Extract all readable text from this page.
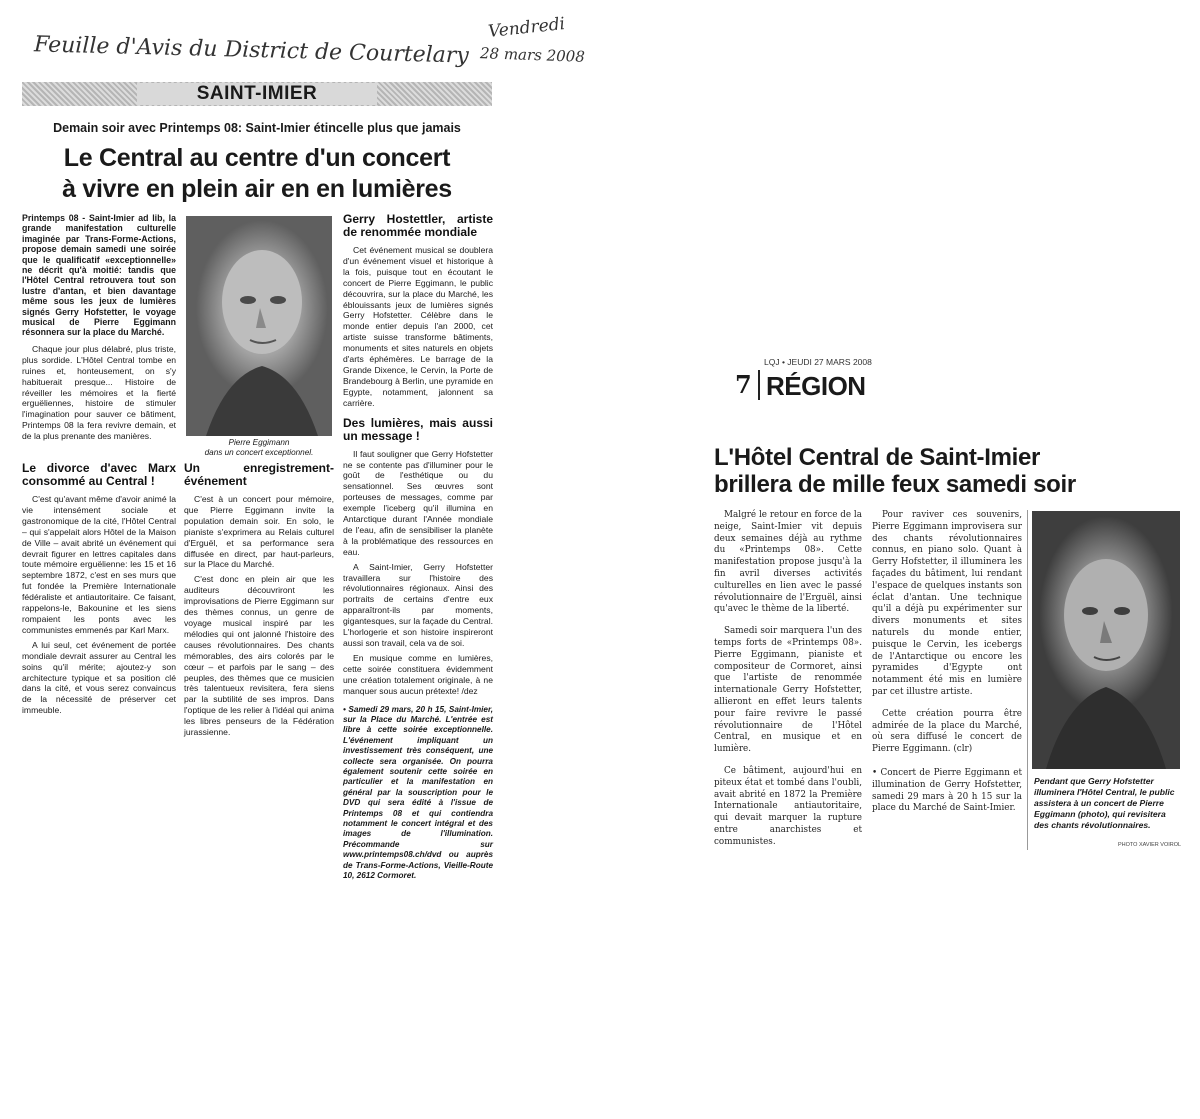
Feuille d'Avis du District de Courtelary
Vendredi
28 mars 2008
SAINT-IMIER
Demain soir avec Printemps 08: Saint-Imier étincelle plus que jamais
Le Central au centre d'un concert
à vivre en plein air en en lumières

Printemps 08 - Saint-Imier ad lib, la grande manifestation culturelle imaginée par Trans-Forme-Actions, propose demain samedi une soirée que le qualificatif «exceptionnelle» ne décrit qu'à moitié: tandis que l'Hôtel Central retrouvera tout son lustre d'antan, et bien davantage même sous les jeux de lumières signés Gerry Hofstetter, le voyage musical de Pierre Eggimann résonnera sur la place du Marché.

Chaque jour plus délabré, plus triste, plus sordide. L'Hôtel Central tombe en ruines et, honteusement, on s'y habituerait presque... Histoire de réveiller les mémoires et la fierté erguëliennes, histoire de stimuler l'imagination pour sauver ce bâtiment, Printemps 08 la fera revivre demain, et de la plus prenante des manières.

Pierre Eggimann
dans un concert exceptionnel.
Le divorce d'avec Marx consommé au Central !

C'est qu'avant même d'avoir animé la vie intensément sociale et gastronomique de la cité, l'Hôtel Central – qui s'appelait alors Hôtel de la Maison de Ville – avait abrité un événement qui devrait figurer en lettres capitales dans toute mémoire erguëlienne: les 15 et 16 septembre 1872, c'est en ses murs que fut fondée la Première Internationale fédéraliste et antiautoritaire. Ce faisant, rappelons-le, Bakounine et les siens rompaient les ponts avec les communistes emmenés par Karl Marx.

A lui seul, cet événement de portée mondiale devrait assurer au Central les soins qu'il mérite; ajoutez-y son architecture typique et sa position clé dans la cité, et vous serez convaincus de la nécessité de préserver cet immeuble.

Un enregistrement-événement

C'est à un concert pour mémoire, que Pierre Eggimann invite la population demain soir. En solo, le pianiste s'exprimera au Relais culturel d'Erguël, et sa performance sera diffusée en direct, par haut-parleurs, sur la Place du Marché.

C'est donc en plein air que les auditeurs découvriront les improvisations de Pierre Eggimann sur des thèmes connus, un genre de voyage musical inspiré par les mélodies qui ont jalonné l'histoire des causes révolutionnaires. Des chants mémorables, des airs colorés par le cœur – et parfois par le sang – des peuples, des thèmes que ce musicien très talentueux revisitera, fera siens par la subtilité de ses impros. Dans l'optique de les relier à l'idéal qui anima les libres penseurs de la Fédération jurassienne.

Gerry Hostettler, artiste de renommée mondiale

Cet événement musical se doublera d'un événement visuel et historique à la fois, puisque tout en écoutant le concert de Pierre Eggimann, le public découvrira, sur la place du Marché, les éblouissants jeux de lumières signés Gerry Hofstetter. Célèbre dans le monde entier depuis l'an 2000, cet artiste suisse transforme bâtiments, monuments et sites naturels en objets d'arts éphémères. Le barrage de la Grande Dixence, le Cervin, la Porte de Brandebourg à Berlin, une pyramide en Egypte, notamment, jalonnent sa carrière.

Des lumières, mais aussi un message !

Il faut souligner que Gerry Hofstetter ne se contente pas d'illuminer pour le goût de l'esthétique ou du sensationnel. Ses œuvres sont porteuses de messages, comme par exemple l'iceberg qu'il illumina en Antarctique durant l'Année mondiale de l'eau, afin de sensibiliser la planète à la problématique des ressources en eau.

A Saint-Imier, Gerry Hofstetter travaillera sur l'histoire des révolutionnaires régionaux. Ainsi des portraits de certains d'entre eux apparaîtront-ils par moments, gigantesques, sur la façade du Central. L'horlogerie et son histoire inspireront aussi son travail, cela va de soi.

En musique comme en lumières, cette soirée constituera évidemment une création totalement originale, à ne manquer sous aucun prétexte! /dez

• Samedi 29 mars, 20 h 15, Saint-Imier, sur la Place du Marché. L'entrée est libre à cette soirée exceptionnelle. L'événement impliquant un investissement très conséquent, une collecte sera organisée. On pourra également soutenir cette soirée en particulier et la manifestation en général par la souscription pour le DVD qui sera édité à l'issue de Printemps 08 et qui contiendra notamment le concert intégral et des images de l'illumination. Précommande sur www.printemps08.ch/dvd ou auprès de Trans-Forme-Actions, Vieille-Route 10, 2612 Cormoret.

LQJ • JEUDI 27 MARS 2008
7 RÉGION
L'Hôtel Central de Saint-Imier
brillera de mille feux samedi soir

Malgré le retour en force de la neige, Saint-Imier vit depuis deux semaines déjà au rythme du «Printemps 08». Cette manifestation propose jusqu'à la fin avril diverses activités culturelles en lien avec le passé révolutionnaire de l'Erguël, ainsi qu'avec le thème de la liberté.

Samedi soir marquera l'un des temps forts de «Printemps 08». Pierre Eggimann, pianiste et compositeur de Cormoret, ainsi que l'artiste de renommée internationale Gerry Hofstetter, allieront en effet leurs talents pour faire revivre le passé révolutionnaire de l'Hôtel Central, en musique et en lumière.

Ce bâtiment, aujourd'hui en piteux état et tombé dans l'oubli, avait abrité en 1872 la Première Internationale antiautoritaire, qui devait marquer la rupture entre anarchistes et communistes.

Pour raviver ces souvenirs, Pierre Eggimann improvisera sur des chants révolutionnaires connus, en piano solo. Quant à Gerry Hofstetter, il illuminera les façades du bâtiment, lui rendant l'espace de quelques instants son éclat d'antan. Une technique qu'il a déjà pu expérimenter sur divers monuments et sites naturels du monde entier, puisque le Cervin, les icebergs de l'Antarctique ou encore les pyramides d'Egypte ont notamment été mis en lumière par cet illustre artiste.

Cette création pourra être admirée de la place du Marché, où sera diffusé le concert de Pierre Eggimann. (clr)

• Concert de Pierre Eggimann et illumination de Gerry Hofstetter, samedi 29 mars à 20 h 15 sur la place du Marché de Saint-Imier.

Pendant que Gerry Hofstetter illuminera l'Hôtel Central, le public assistera à un concert de Pierre Eggimann (photo), qui revisitera des chants révolutionnaires.
PHOTO XAVIER VOIROL
